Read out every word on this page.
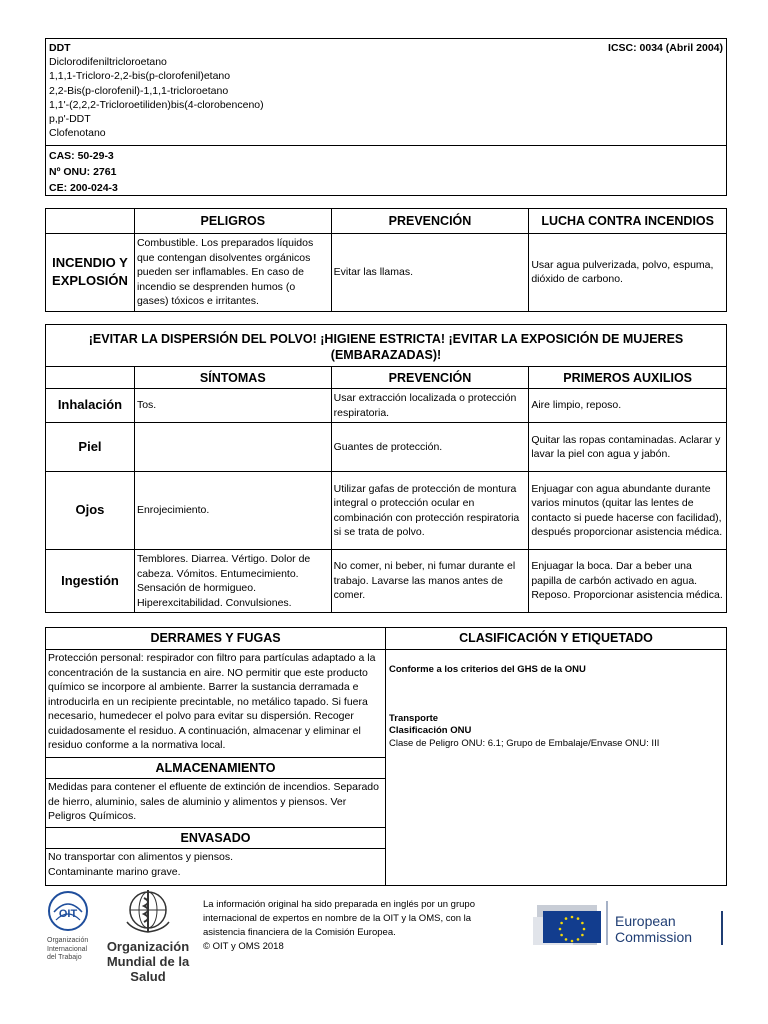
DDT	ICSC: 0034 (Abril 2004)
Diclorodifeniltricloroetano
1,1,1-Tricloro-2,2-bis(p-clorofenil)etano
2,2-Bis(p-clorofenil)-1,1,1-tricloroetano
1,1'-(2,2,2-Tricloroetiliden)bis(4-clorobenceno)
p,p'-DDT
Clofenotano
CAS: 50-29-3
Nº ONU: 2761
CE: 200-024-3
	PELIGROS	PREVENCIÓN	LUCHA CONTRA INCENDIOS
INCENDIO Y
EXPLOSIÓN	Combustible. Los preparados líquidos que contengan disolventes orgánicos pueden ser inflamables. En caso de incendio se desprenden humos (o gases) tóxicos e irritantes.	Evitar las llamas.	Usar agua pulverizada, polvo, espuma, dióxido de carbono.
¡EVITAR LA DISPERSIÓN DEL POLVO! ¡HIGIENE ESTRICTA! ¡EVITAR LA EXPOSICIÓN DE MUJERES (EMBARAZADAS)!			
	SÍNTOMAS	PREVENCIÓN	PRIMEROS AUXILIOS
Inhalación	Tos.	Usar extracción localizada o protección respiratoria.	Aire limpio, reposo.
Piel		Guantes de protección.	Quitar las ropas contaminadas. Aclarar y lavar la piel con agua y jabón.
Ojos	Enrojecimiento.	Utilizar gafas de protección de montura integral o protección ocular en combinación con protección respiratoria si se trata de polvo.	Enjuagar con agua abundante durante varios minutos (quitar las lentes de contacto si puede hacerse con facilidad), después proporcionar asistencia médica.
Ingestión	Temblores. Diarrea. Vértigo. Dolor de cabeza. Vómitos. Entumecimiento. Sensación de hormigueo. Hiperexcitabilidad. Convulsiones.	No comer, ni beber, ni fumar durante el trabajo. Lavarse las manos antes de comer.	Enjuagar la boca. Dar a beber una papilla de carbón activado en agua. Reposo. Proporcionar asistencia médica.
DERRAMES Y FUGAS
Protección personal: respirador con filtro para partículas adaptado a la concentración de la sustancia en aire. NO permitir que este producto químico se incorpore al ambiente. Barrer la sustancia derramada e introducirla en un recipiente precintable, no metálico tapado. Si fuera necesario, humedecer el polvo para evitar su dispersión. Recoger cuidadosamente el residuo. A continuación, almacenar y eliminar el residuo conforme a la normativa local.
ALMACENAMIENTO
Medidas para contener el efluente de extinción de incendios. Separado de hierro, aluminio, sales de aluminio y alimentos y piensos. Ver Peligros Químicos.
ENVASADO
No transportar con alimentos y piensos.
Contaminante marino grave.
CLASIFICACIÓN Y ETIQUETADO
Conforme a los criterios del GHS de la ONU
Transporte
Clasificación ONU
Clase de Peligro ONU: 6.1; Grupo de Embalaje/Envase ONU: III
OIT
Organización
Internacional
del Trabajo
Organización
Mundial de la Salud
La información original ha sido preparada en inglés por un grupo internacional de expertos en nombre de la OIT y la OMS, con la asistencia financiera de la Comisión Europea.
© OIT y OMS 2018
European
Commission
